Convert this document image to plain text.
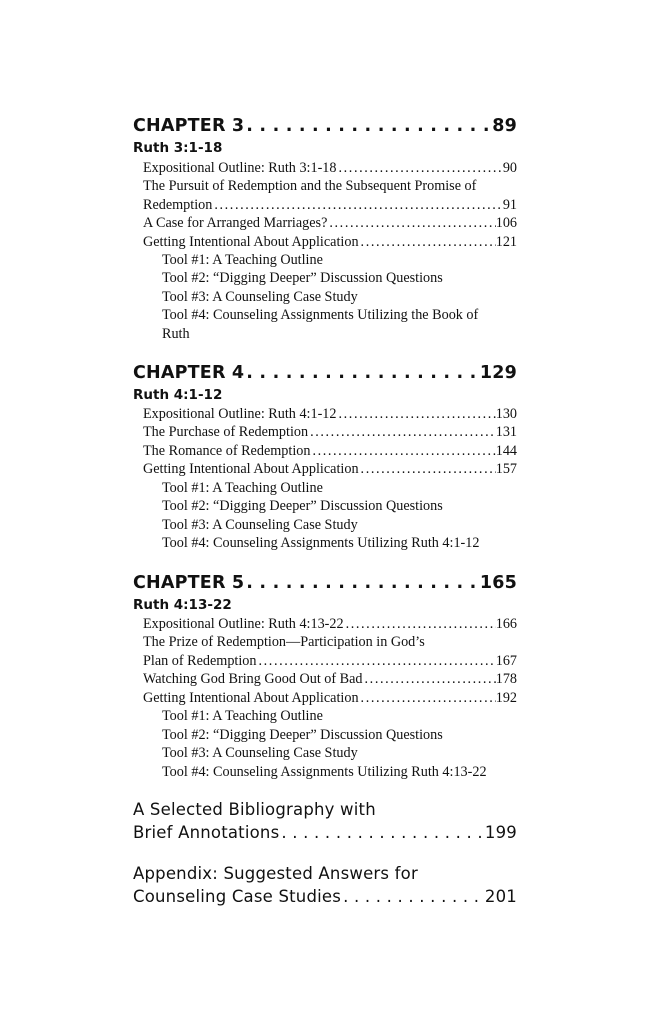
CHAPTER 3 . . .	89
Ruth 3:1-18
Expositional Outline: Ruth 3:1-18 .....	90
The Pursuit of Redemption and the Subsequent Promise of
Redemption .....	91
A Case for Arranged Marriages? .....	106
Getting Intentional About Application .....	121
Tool #1: A Teaching Outline
Tool #2: “Digging Deeper” Discussion Questions
Tool #3: A Counseling Case Study
Tool #4: Counseling Assignments Utilizing the Book of
Ruth
CHAPTER 4 . . .	129
Ruth 4:1-12
Expositional Outline: Ruth 4:1-12 .....	130
The Purchase of Redemption .....	131
The Romance of Redemption .....	144
Getting Intentional About Application .....	157
Tool #1: A Teaching Outline
Tool #2: “Digging Deeper” Discussion Questions
Tool #3: A Counseling Case Study
Tool #4: Counseling Assignments Utilizing Ruth 4:1-12
CHAPTER 5 . . .	165
Ruth 4:13-22
Expositional Outline: Ruth 4:13-22 .....	166
The Prize of Redemption—Participation in God’s
Plan of Redemption .....	167
Watching God Bring Good Out of Bad .....	178
Getting Intentional About Application .....	192
Tool #1: A Teaching Outline
Tool #2: “Digging Deeper” Discussion Questions
Tool #3: A Counseling Case Study
Tool #4: Counseling Assignments Utilizing Ruth 4:13-22
A Selected Bibliography with
Brief Annotations . . .	199
Appendix: Suggested Answers for
Counseling Case Studies . . .	201
